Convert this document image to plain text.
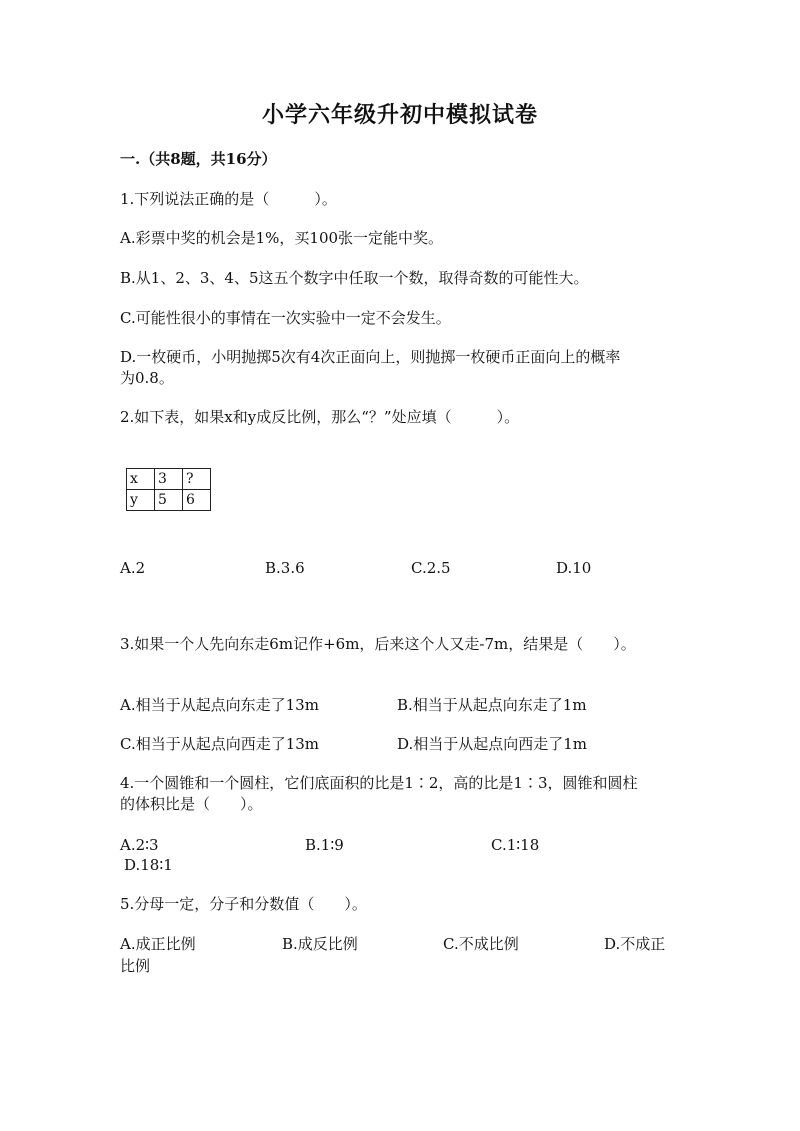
小学六年级升初中模拟试卷
一.（共8题，共16分）
1.下列说法正确的是（　　　）。
A.彩票中奖的机会是1%，买100张一定能中奖。
B.从1、2、3、4、5这五个数字中任取一个数，取得奇数的可能性大。
C.可能性很小的事情在一次实验中一定不会发生。
D.一枚硬币，小明抛掷5次有4次正面向上，则抛掷一枚硬币正面向上的概率
为0.8。
2.如下表，如果x和y成反比例，那么“？”处应填（　　　）。
x	3	?
y	5	6
A.2	B.3.6	C.2.5	D.10
3.如果一个人先向东走6m记作+6m，后来这个人又走-7m，结果是（　　）。
A.相当于从起点向东走了13m	B.相当于从起点向东走了1m
C.相当于从起点向西走了13m	D.相当于从起点向西走了1m
4.一个圆锥和一个圆柱，它们底面积的比是1∶2，高的比是1∶3，圆锥和圆柱
的体积比是（　　）。
A.2∶3	B.1∶9	C.1∶18
D.18∶1
5.分母一定，分子和分数值（　　）。
A.成正比例	B.成反比例	C.不成比例	D.不成正
比例
